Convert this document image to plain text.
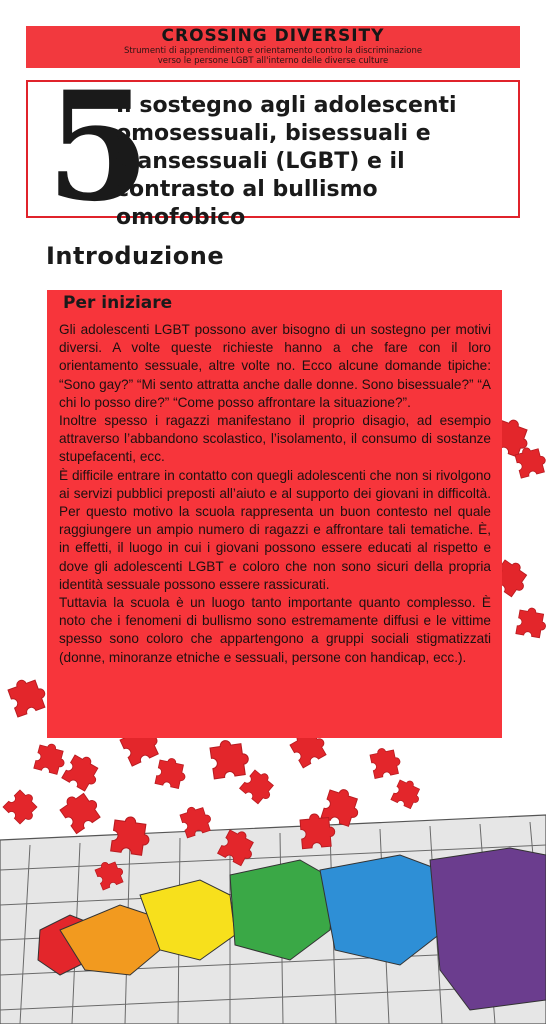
CROSSING DIVERSITY
Strumenti di apprendimento e orientamento contro la discriminazione
verso le persone LGBT all'interno delle diverse culture
5
Il sostegno agli adolescenti omosessuali, bisessuali e transessuali (LGBT) e il contrasto al bullismo omofobico
Introduzione
Per iniziare

Gli adolescenti LGBT possono aver bisogno di un sostegno per motivi diversi. A volte queste richieste hanno a che fare con il loro orientamento sessuale, altre volte no. Ecco alcune domande tipiche: “Sono gay?” “Mi sento attratta anche dalle donne. Sono bisessuale?” “A chi lo posso dire?” “Come posso affrontare la situazione?”.

Inoltre spesso i ragazzi manifestano il proprio disagio, ad esempio attraverso l’abbandono scolastico, l’isolamento, il consumo di sostanze stupefacenti, ecc.

È difficile entrare in contatto con quegli adolescenti che non si rivolgono ai servizi pubblici preposti all’aiuto e al supporto dei giovani in difficoltà. Per questo motivo la scuola rappresenta un buon contesto nel quale raggiungere un ampio numero di ragazzi e affrontare tali tematiche. È, in effetti, il luogo in cui i giovani possono essere educati al rispetto e dove gli adolescenti LGBT e coloro che non sono sicuri della propria identità sessuale possono essere rassicurati.

Tuttavia la scuola è un luogo tanto importante quanto complesso. È noto che i fenomeni di bullismo sono estremamente diffusi e le vittime spesso sono coloro che appartengono a gruppi sociali stigmatizzati (donne, minoranze etniche e sessuali, persone con handicap, ecc.).
